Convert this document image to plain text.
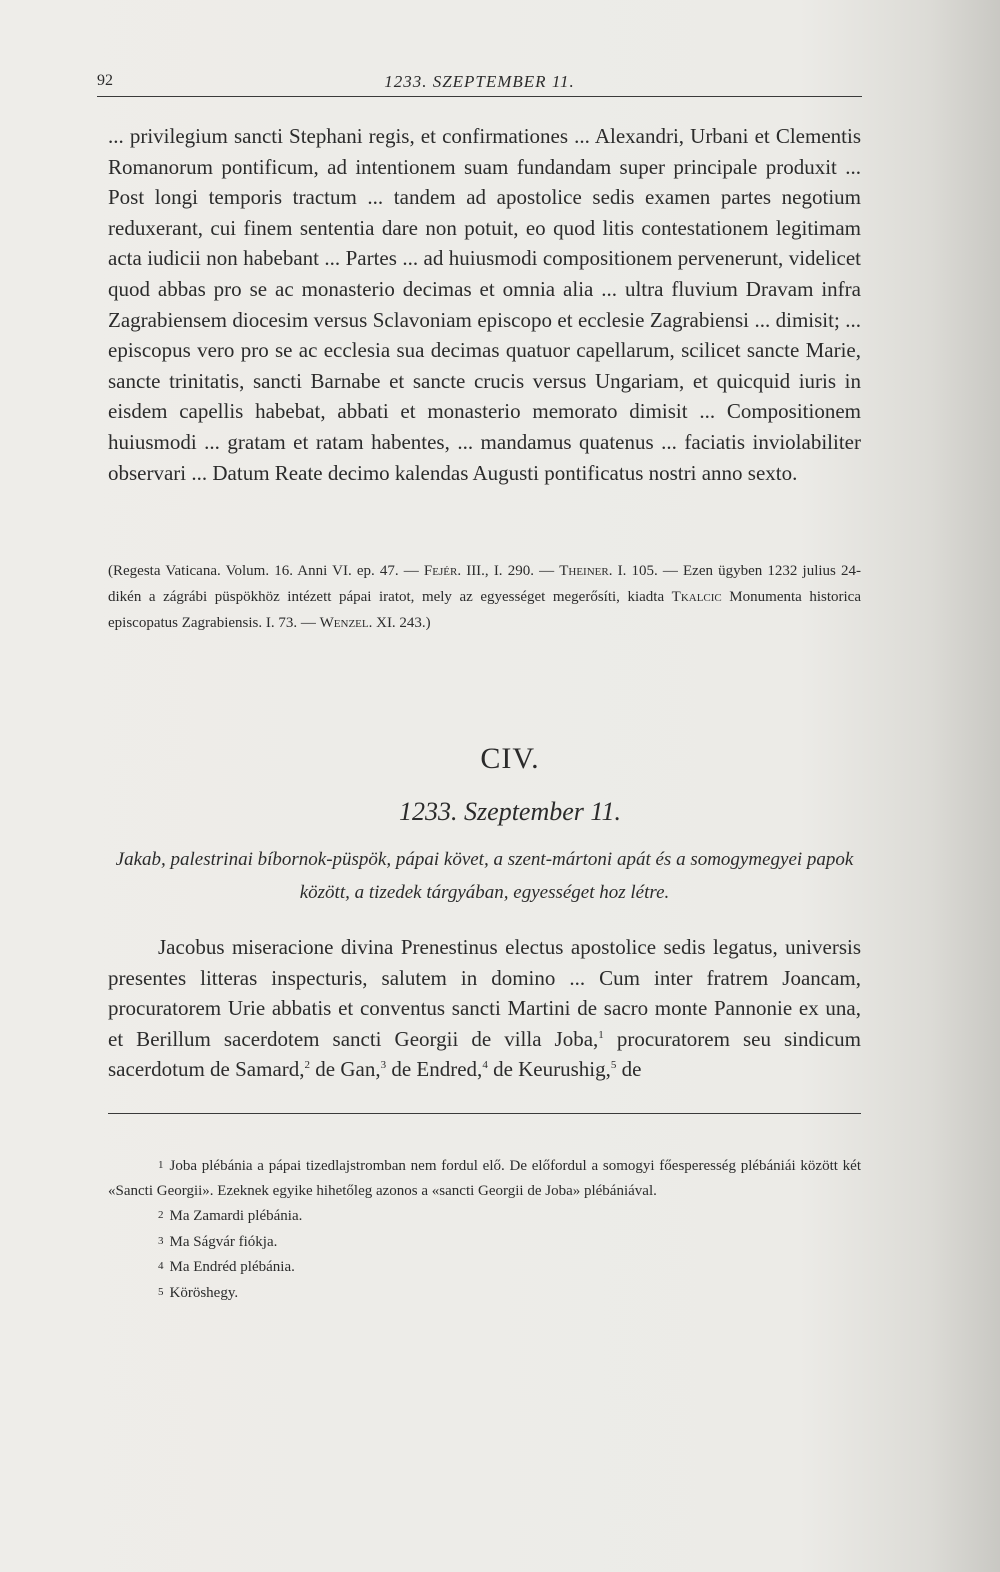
92	1233. SZEPTEMBER 11.

... privilegium sancti Stephani regis, et confirmationes ... Alexandri, Urbani et Clementis Romanorum pontificum, ad intentionem suam fundandam super principale produxit ... Post longi temporis tractum ... tandem ad apostolice sedis examen partes negotium reduxerant, cui finem sententia dare non potuit, eo quod litis contestationem legitimam acta iudicii non habebant ... Partes ... ad huiusmodi compositionem pervenerunt, videlicet quod abbas pro se ac monasterio decimas et omnia alia ... ultra fluvium Dravam infra Zagrabiensem diocesim versus Sclavoniam episcopo et ecclesie Zagrabiensi ... dimisit; ... episcopus vero pro se ac ecclesia sua decimas quatuor capellarum, scilicet sancte Marie, sancte trinitatis, sancti Barnabe et sancte crucis versus Ungariam, et quicquid iuris in eisdem capellis habebat, abbati et monasterio memorato dimisit ... Compositionem huiusmodi ... gratam et ratam habentes, ... mandamus quatenus ... faciatis inviolabiliter observari ... Datum Reate decimo kalendas Augusti pontificatus nostri anno sexto.

(Regesta Vaticana. Volum. 16. Anni VI. ep. 47. — Fejér. III., I. 290. — Theiner. I. 105. — Ezen ügyben 1232 julius 24-dikén a zágrábi püspökhöz intézett pápai iratot, mely az egyességet megerősíti, kiadta Tkalcic Monumenta historica episcopatus Zagrabiensis. I. 73. — Wenzel. XI. 243.)

CIV.
1233. Szeptember 11.

Jakab, palestrinai bíbornok-püspök, pápai követ, a szent-mártoni apát és a somogymegyei papok között, a tizedek tárgyában, egyességet hoz létre.

Jacobus miseracione divina Prenestinus electus apostolice sedis legatus, universis presentes litteras inspecturis, salutem in domino ... Cum inter fratrem Joancam, procuratorem Urie abbatis et conventus sancti Martini de sacro monte Pannonie ex una, et Berillum sacerdotem sancti Georgii de villa Joba,$^1$ procuratorem seu sindicum sacerdotum de Samard,$^2$ de Gan,$^3$ de Endred,$^4$ de Keurushig,$^5$ de

1 Joba plébánia a pápai tizedlajstromban nem fordul elő. De előfordul a somogyi főesperesség plébániái között két «Sancti Georgii». Ezeknek egyike hihetőleg azonos a «sancti Georgii de Joba» plébániával.

2 Ma Zamardi plébánia.

3 Ma Ságvár fiókja.

4 Ma Endréd plébánia.

5 Köröshegy.
